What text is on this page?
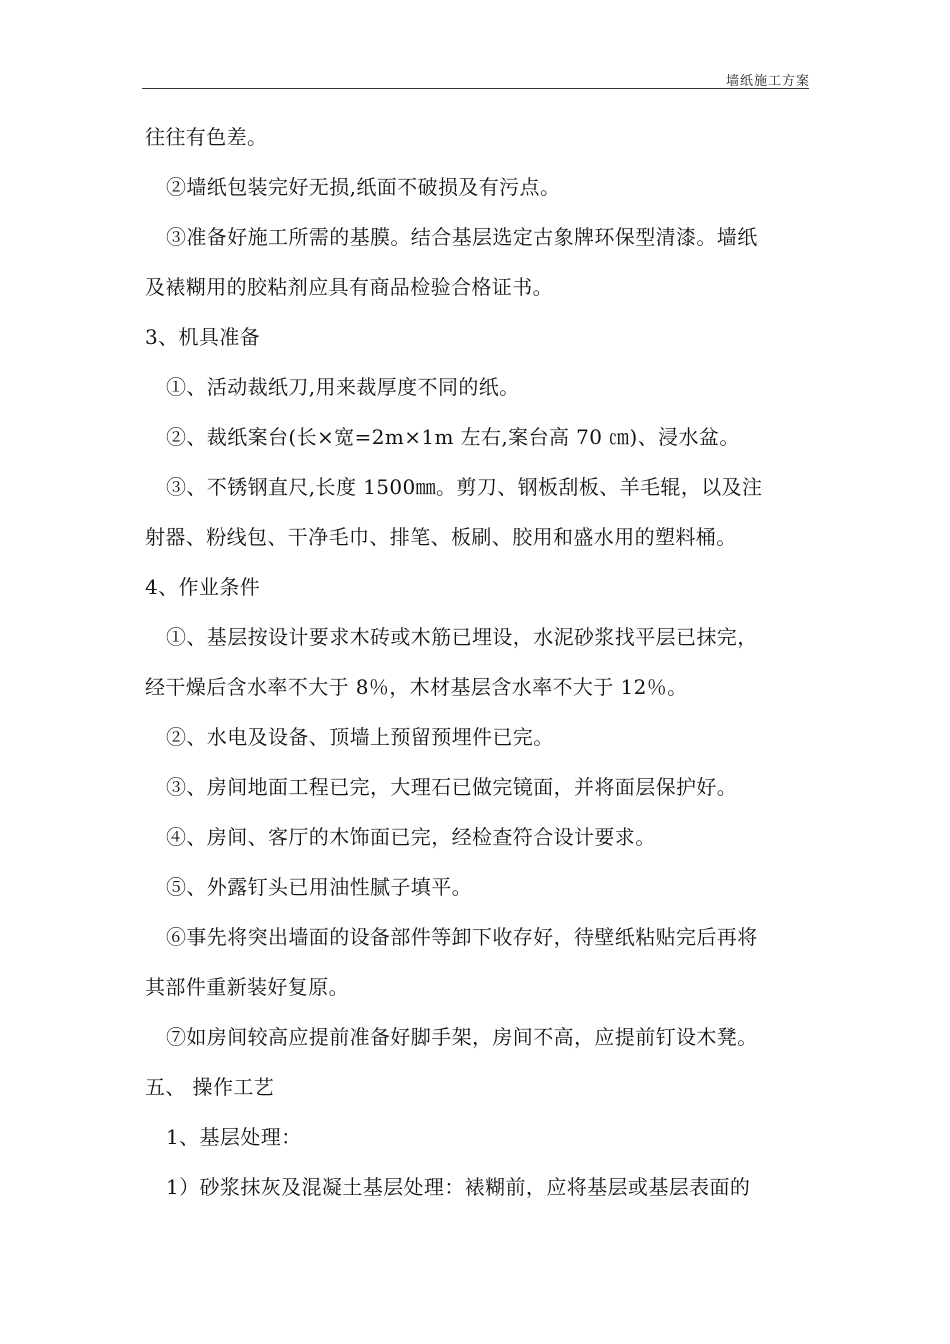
墙纸施工方案
往往有色差。
②墙纸包装完好无损,纸面不破损及有污点。
③准备好施工所需的基膜。结合基层选定古象牌环保型清漆。墙纸
及裱糊用的胶粘剂应具有商品检验合格证书。
3、机具准备
①、活动裁纸刀,用来裁厚度不同的纸。
②、裁纸案台(长×宽=2m×1m 左右,案台高 70 ㎝)、浸水盆。
③、不锈钢直尺,长度 1500㎜。剪刀、钢板刮板、羊毛辊，以及注
射器、粉线包、干净毛巾、排笔、板刷、胶用和盛水用的塑料桶。
4、作业条件
①、基层按设计要求木砖或木筋已埋设，水泥砂浆找平层已抹完，
经干燥后含水率不大于 8％，木材基层含水率不大于 12％。
②、水电及设备、顶墙上预留预埋件已完。
③、房间地面工程已完，大理石已做完镜面，并将面层保护好。
④、房间、客厅的木饰面已完，经检查符合设计要求。
⑤、外露钉头已用油性腻子填平。
⑥事先将突出墙面的设备部件等卸下收存好，待壁纸粘贴完后再将
其部件重新装好复原。
⑦如房间较高应提前准备好脚手架，房间不高，应提前钉设木凳。
五、 操作工艺
1、基层处理：
1）砂浆抹灰及混凝土基层处理：裱糊前，应将基层或基层表面的
